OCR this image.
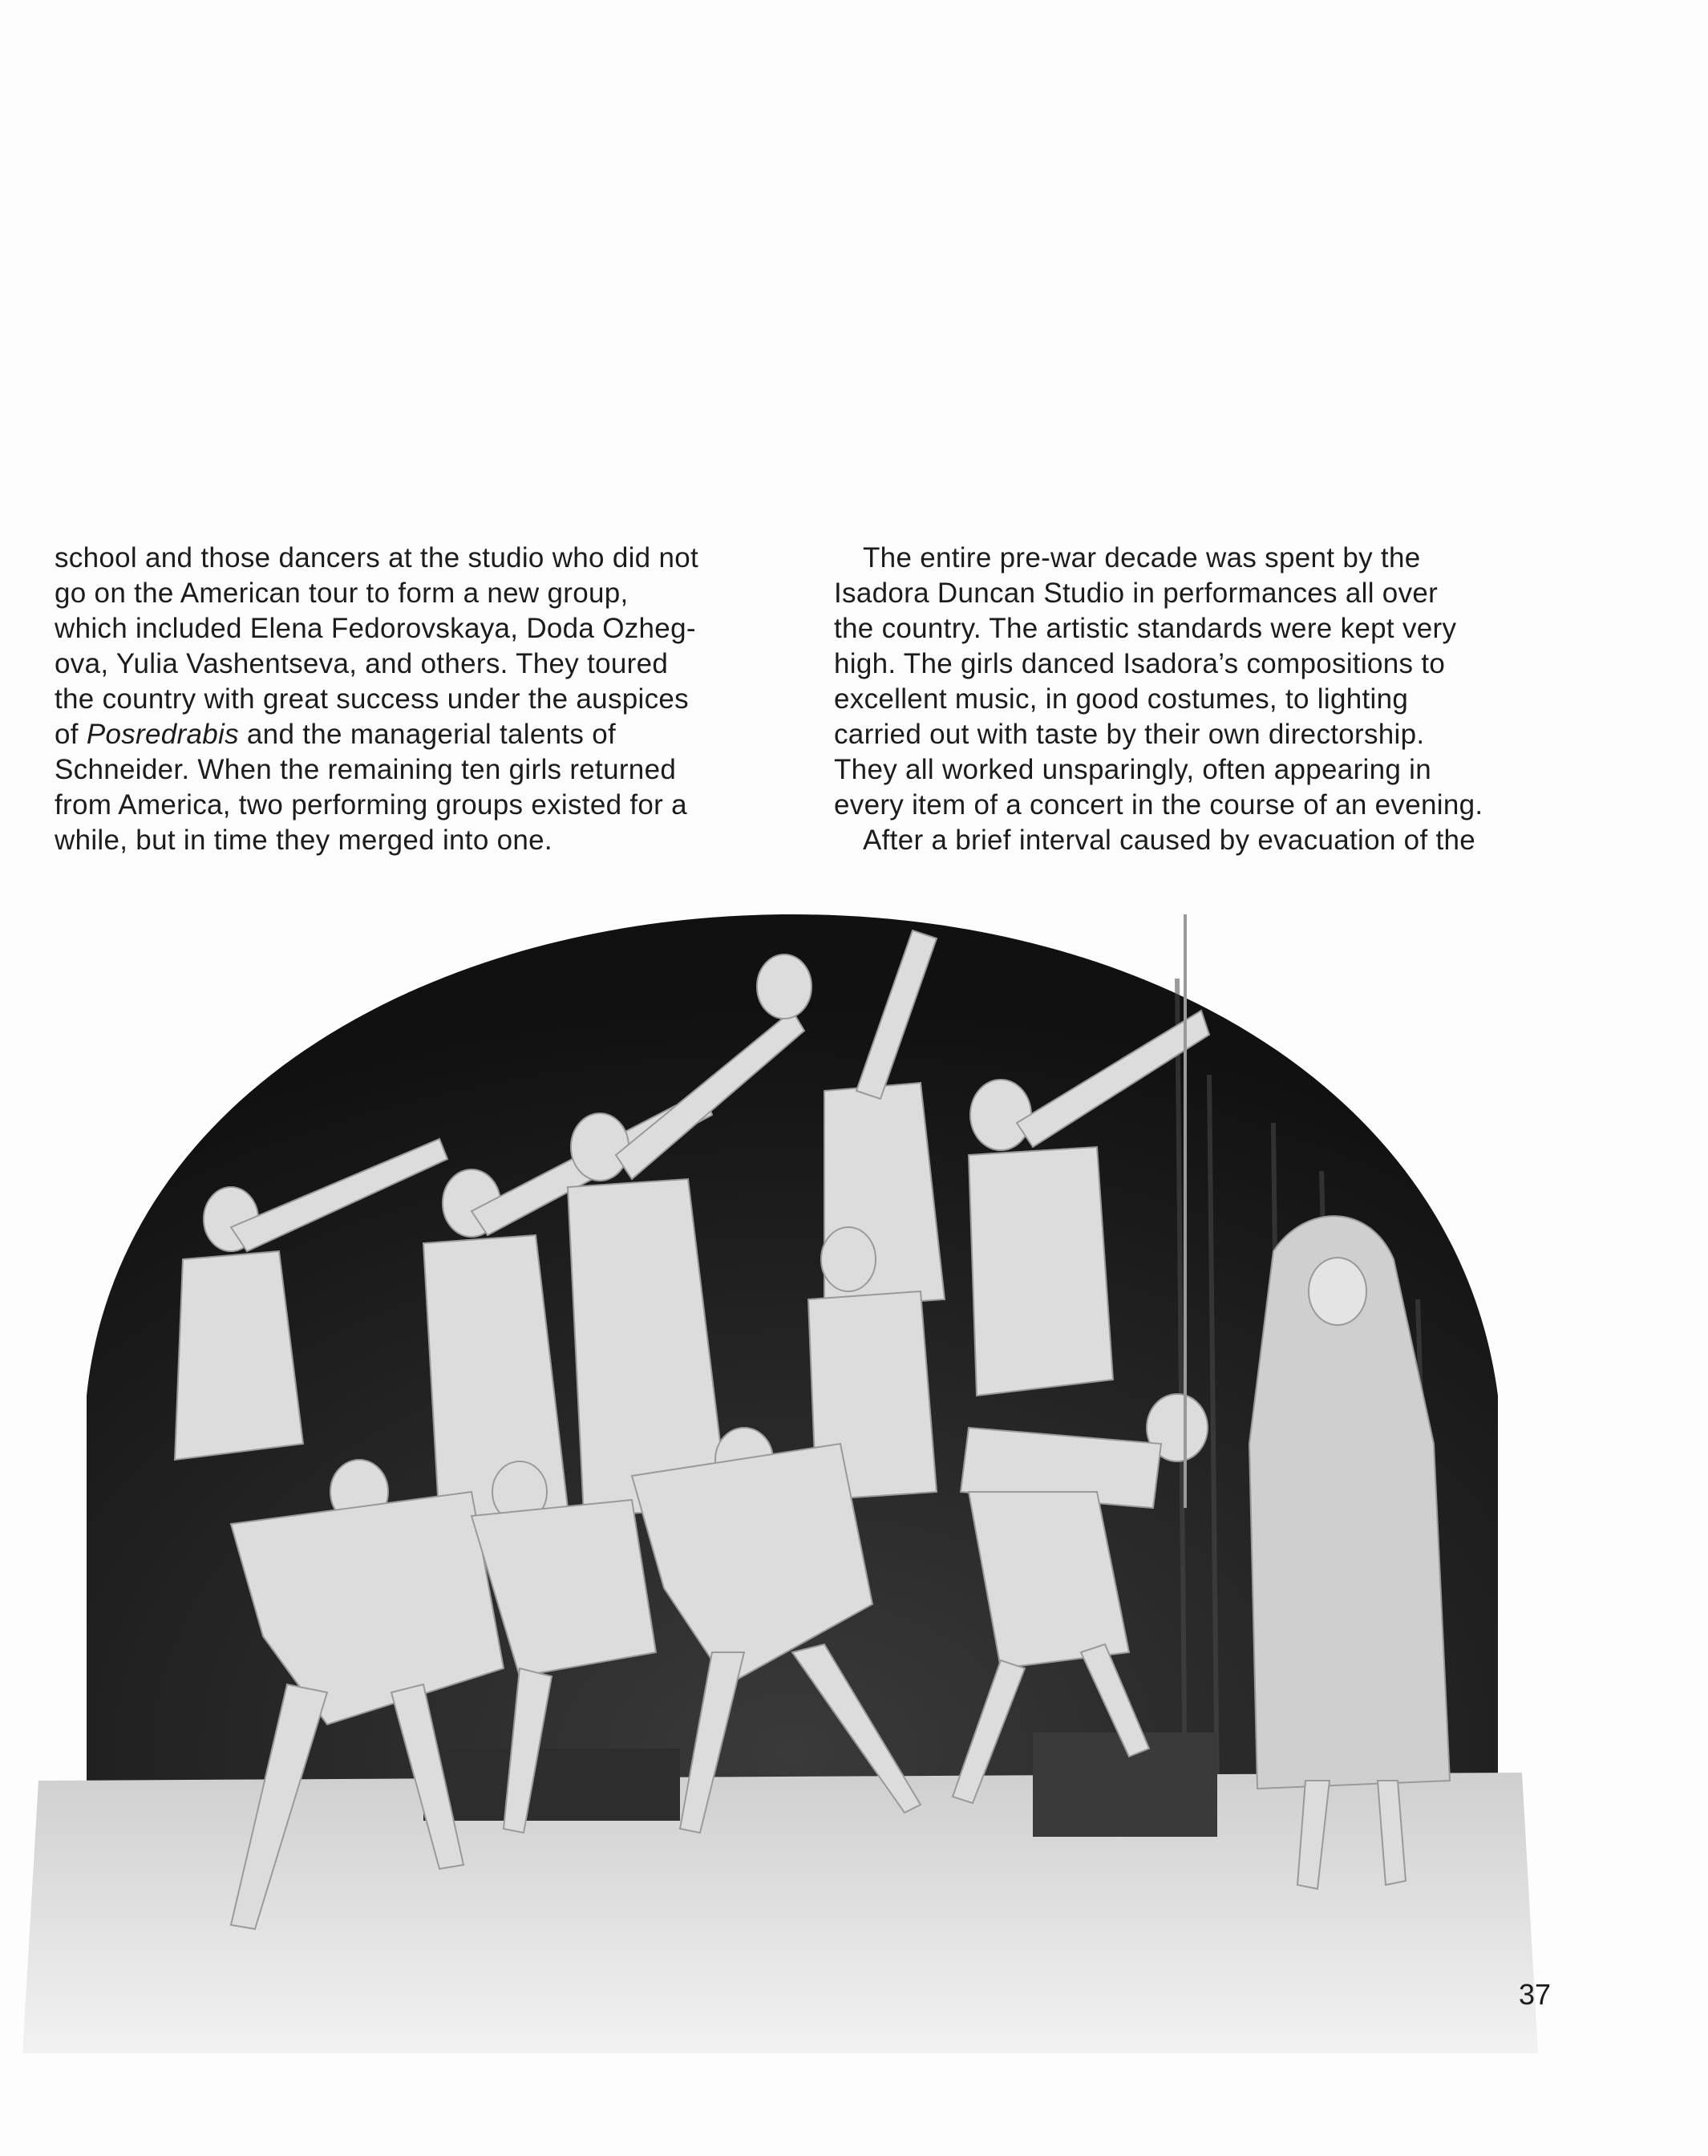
school and those dancers at the studio who did not
go on the American tour to form a new group,
which included Elena Fedorovskaya, Doda Ozheg-
ova, Yulia Vashentseva, and others. They toured
the country with great success under the auspices
of Posredrabis and the managerial talents of
Schneider. When the remaining ten girls returned
from America, two performing groups existed for a
while, but in time they merged into one.
The entire pre-war decade was spent by the
Isadora Duncan Studio in performances all over
the country. The artistic standards were kept very
high. The girls danced Isadora’s compositions to
excellent music, in good costumes, to lighting
carried out with taste by their own directorship.
They all worked unsparingly, often appearing in
every item of a concert in the course of an evening.
After a brief interval caused by evacuation of the
37
